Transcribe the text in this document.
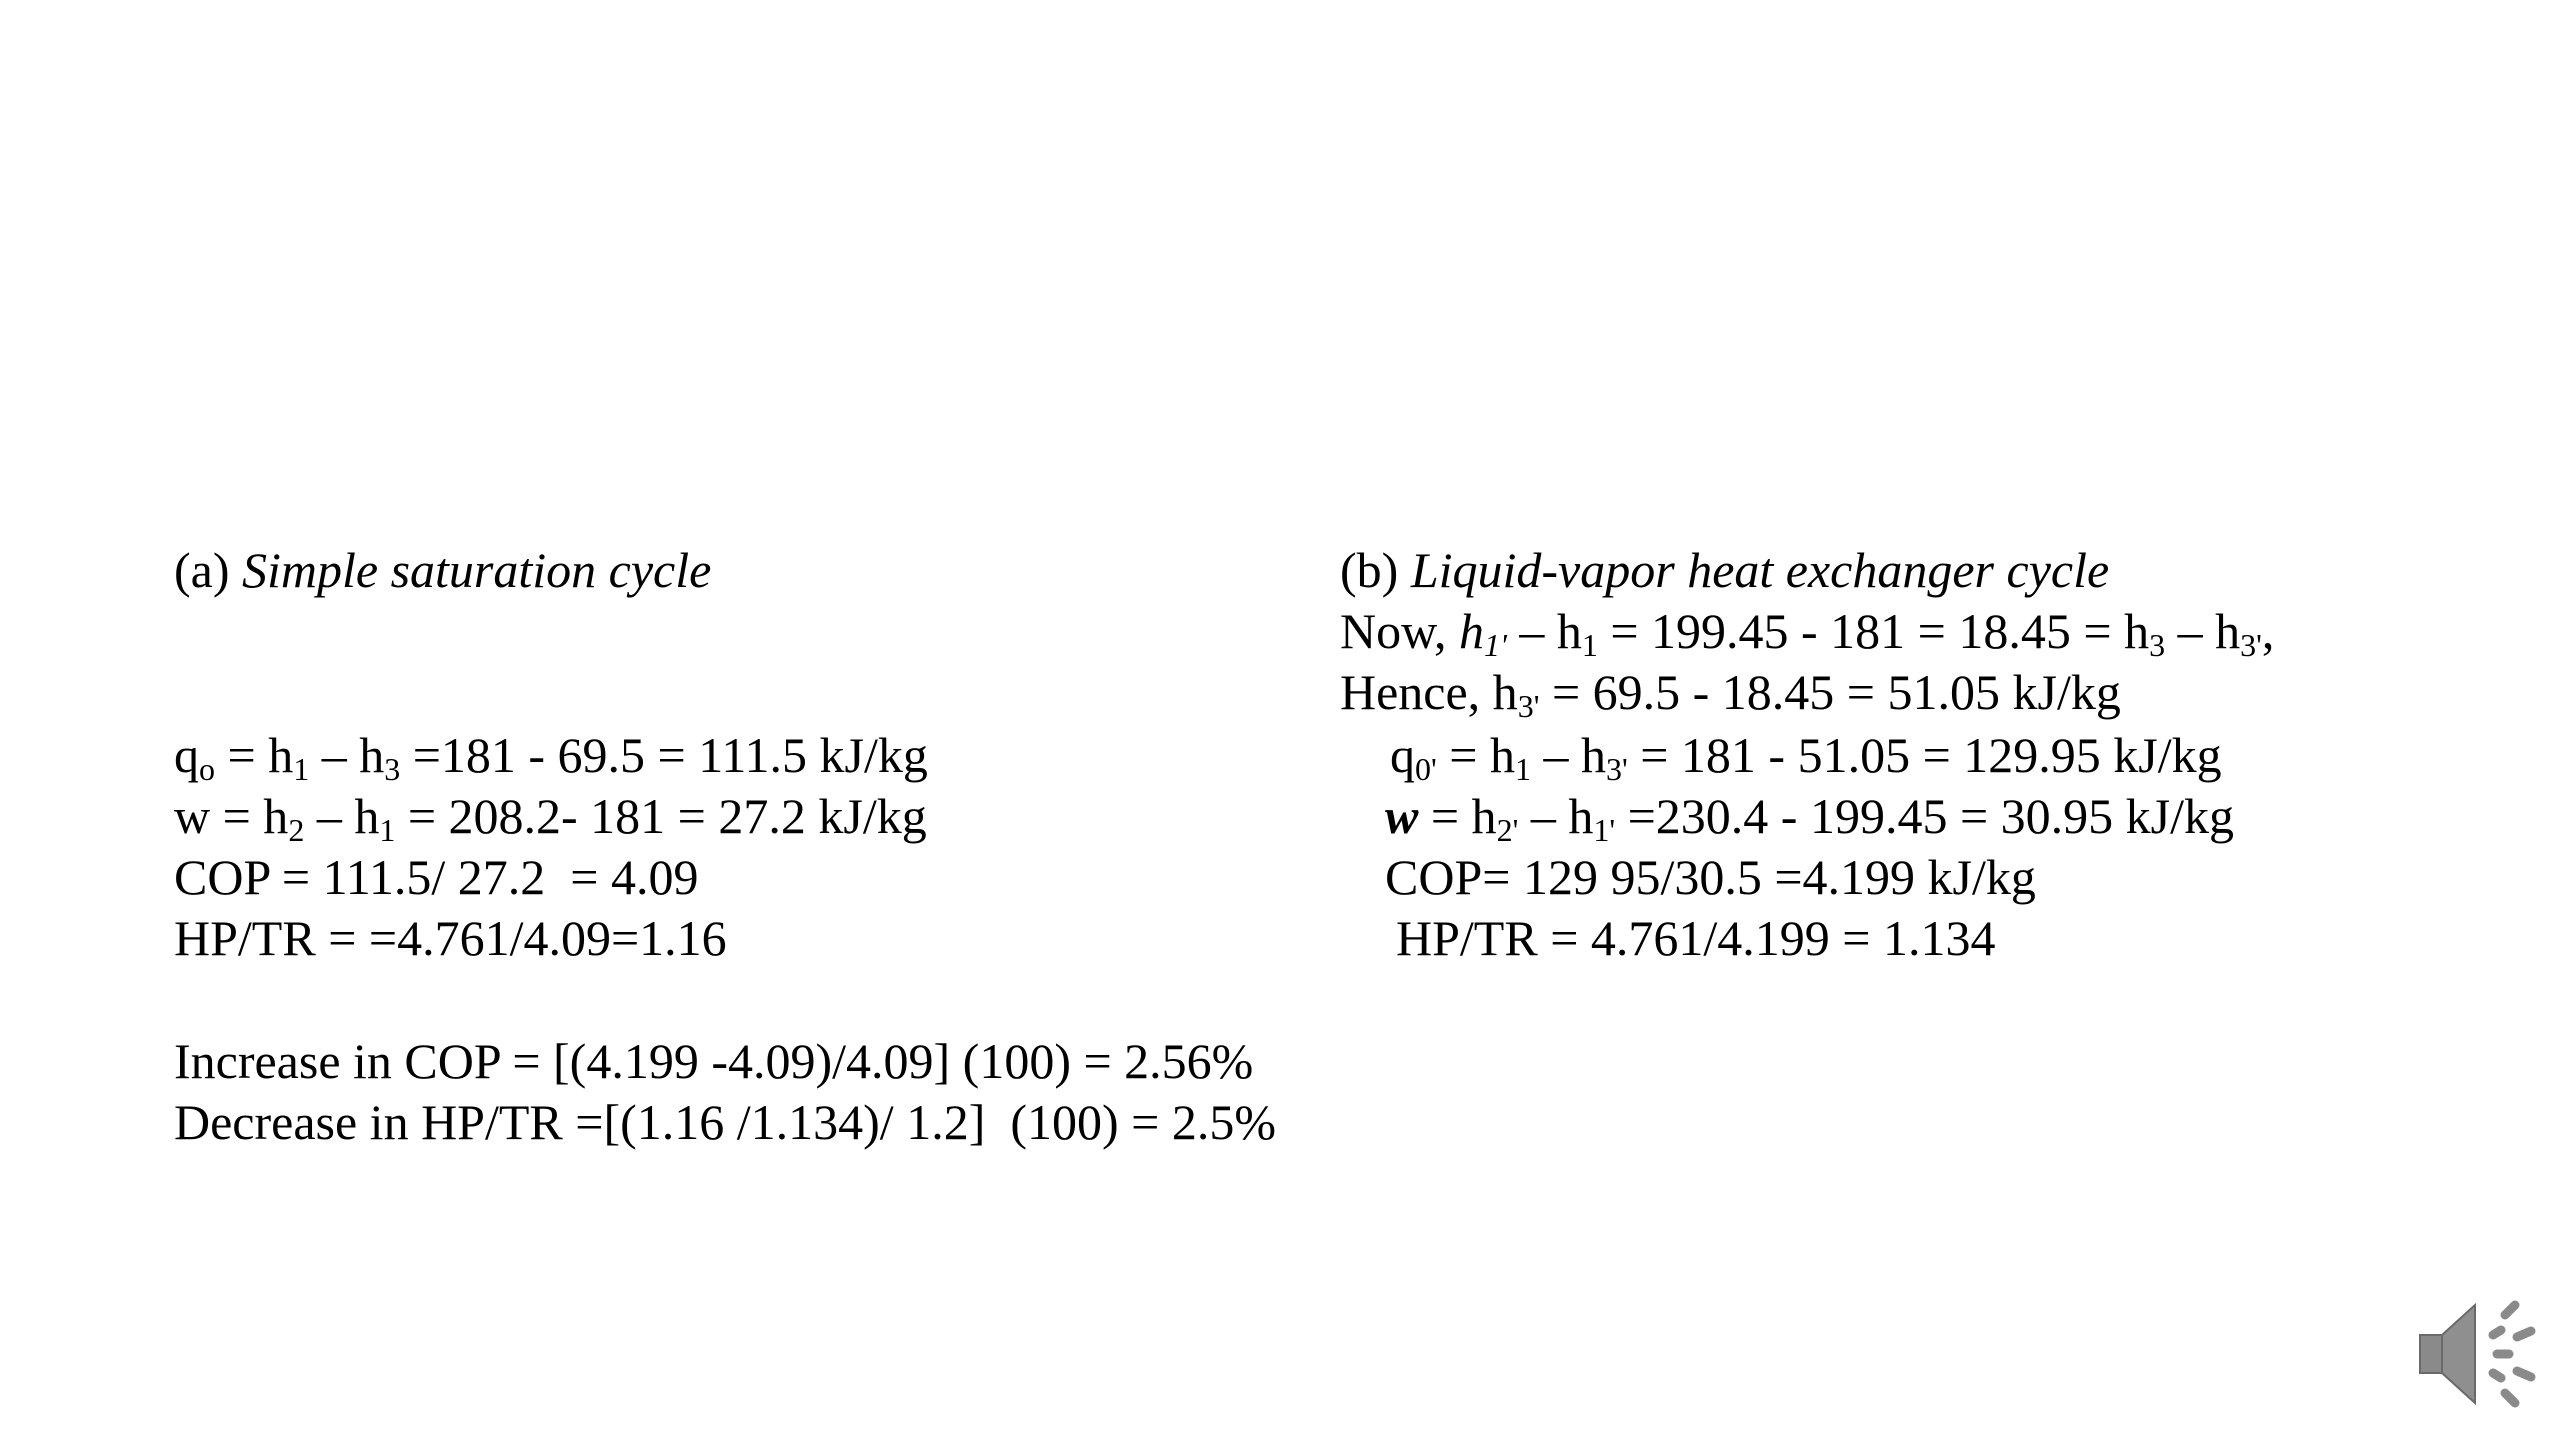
(a) Simple saturation cycle
$q_o = h_1 - h_3 =181 - 69.5 = 111.5$ kJ/kg
$w = h_2 - h_1 = 208.2-$ 181 = 27.2 kJ/kg
COP = 111.5/ 27.2  = 4.09
HP/TR = =4.761/4.09=1.16
(b) Liquid-vapor heat exchanger cycle
Now, $h_{1'} - h_1 = 199.45 - 181 = 18.45 = h_3 - h_{3'}$,
Hence, $h_{3'} = 69.5 - 18.45 = 51.05$ kJ/kg
$q_{0'} = h_1 - h_{3'} = 181 - 51.05 = 129.95$ kJ/kg
$w = h_{2'} - h_{1'} =230.4 - 199.45 = 30.95$ kJ/kg
COP= 129 95/30.5 =4.199 kJ/kg
HP/TR = 4.761/4.199 = 1.134
Increase in COP = [(4.199 -4.09)/4.09] (100) = 2.56%
Decrease in HP/TR =[(1.16 /1.134)/ 1.2]  (100) = 2.5%
